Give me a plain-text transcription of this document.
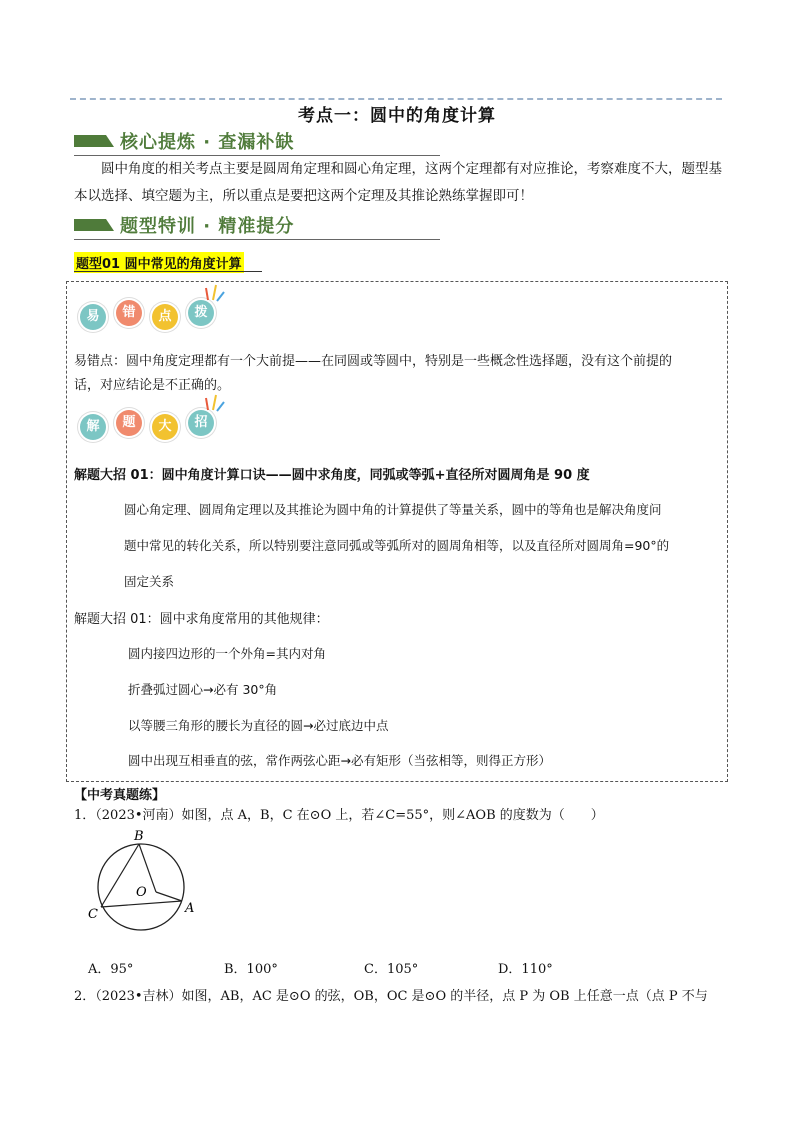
考点一：圆中的角度计算
核心提炼 · 查漏补缺
圆中角度的相关考点主要是圆周角定理和圆心角定理，这两个定理都有对应推论，考察难度不大，题型基本以选择、填空题为主，所以重点是要把这两个定理及其推论熟练掌握即可！
题型特训 · 精准提分
题型01 圆中常见的角度计算
易	错	点	拨
易错点：圆中角度定理都有一个大前提——在同圆或等圆中，特别是一些概念性选择题，没有这个前提的
话，对应结论是不正确的。
解	题	大	招
解题大招 01：圆中角度计算口诀——圆中求角度，同弧或等弧+直径所对圆周角是 90 度
圆心角定理、圆周角定理以及其推论为圆中角的计算提供了等量关系，圆中的等角也是解决角度问
题中常见的转化关系，所以特别要注意同弧或等弧所对的圆周角相等，以及直径所对圆周角=90°的
固定关系
解题大招 01：圆中求角度常用的其他规律：
圆内接四边形的一个外角=其内对角
折叠弧过圆心→必有 30°角
以等腰三角形的腰长为直径的圆→必过底边中点
圆中出现互相垂直的弦，常作两弦心距→必有矩形（当弦相等，则得正方形）
【中考真题练】
1．（2023•河南）如图，点 A，B，C 在⊙O 上，若∠C=55°，则∠AOB 的度数为（　　）
B
O
C	A
A．95°	B．100°	C．105°	D．110°
2．（2023•吉林）如图，AB，AC 是⊙O 的弦，OB，OC 是⊙O 的半径，点 P 为 OB 上任意一点（点 P 不与
